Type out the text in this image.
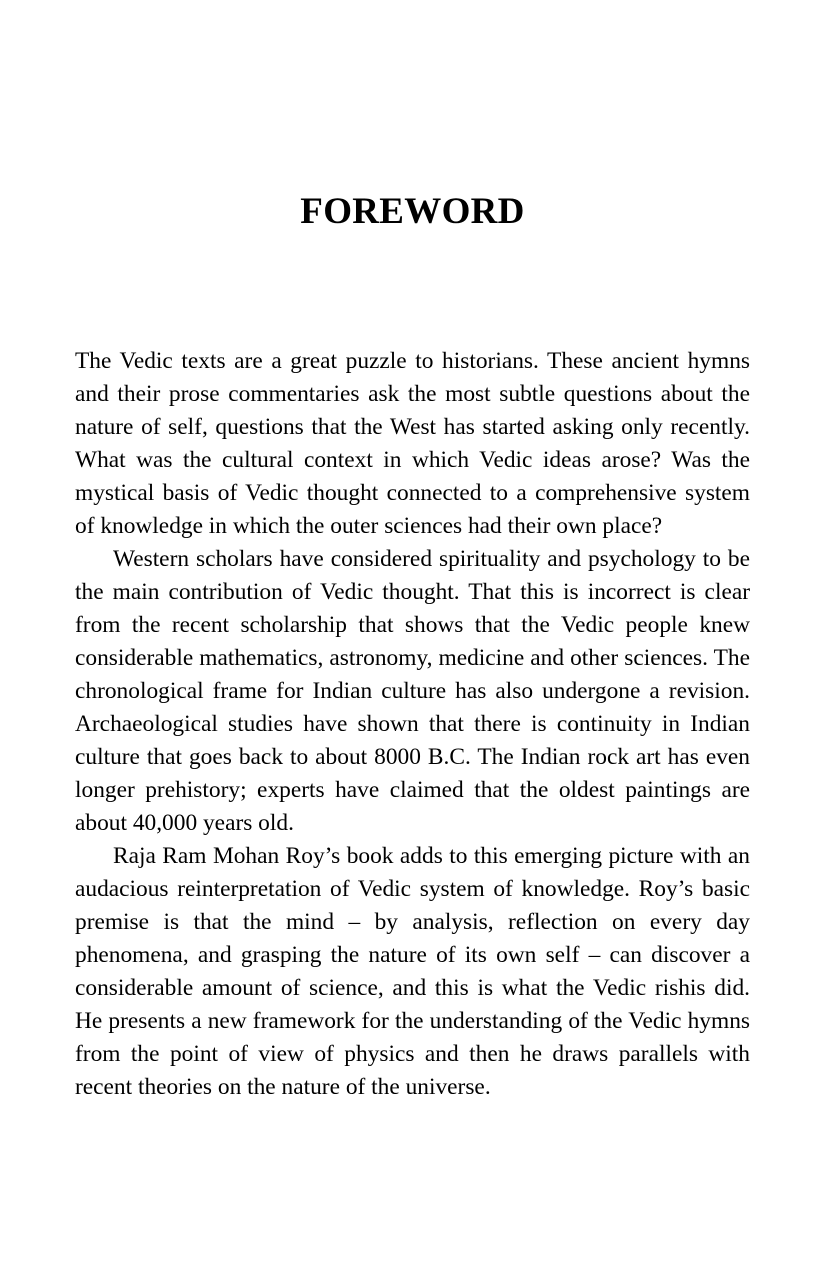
FOREWORD

The Vedic texts are a great puzzle to historians. These ancient hymns and their prose commentaries ask the most subtle questions about the nature of self, questions that the West has started asking only recently. What was the cultural context in which Vedic ideas arose? Was the mystical basis of Vedic thought connected to a comprehensive system of knowledge in which the outer sciences had their own place?

Western scholars have considered spirituality and psychology to be the main contribution of Vedic thought. That this is incorrect is clear from the recent scholarship that shows that the Vedic people knew considerable mathematics, astronomy, medicine and other sciences. The chronological frame for Indian culture has also undergone a revision. Archaeological studies have shown that there is continuity in Indian culture that goes back to about 8000 B.C. The Indian rock art has even longer prehistory; experts have claimed that the oldest paintings are about 40,000 years old.

Raja Ram Mohan Roy’s book adds to this emerging picture with an audacious reinterpretation of Vedic system of knowledge. Roy’s basic premise is that the mind – by analysis, reflection on every day phenomena, and grasping the nature of its own self – can discover a considerable amount of science, and this is what the Vedic rishis did. He presents a new framework for the understanding of the Vedic hymns from the point of view of physics and then he draws parallels with recent theories on the nature of the universe.
